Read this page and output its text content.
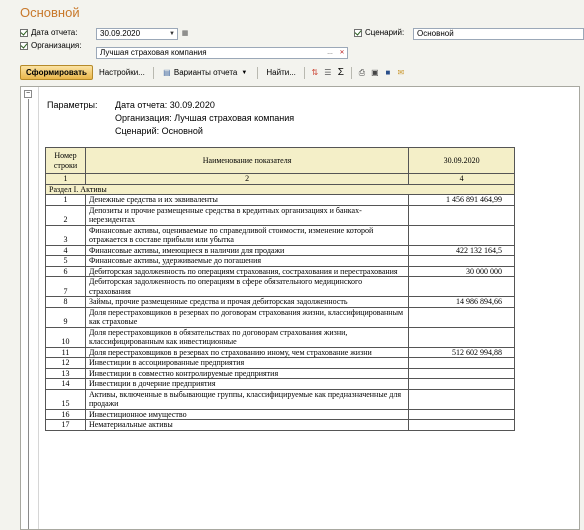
Основной
Дата отчета:	30.09.2020	▼ ▦	Сценарий:	Основной
Организация:
Лучшая страховая компания	…	✕
Сформировать	Настройки...	▤ Варианты отчета ▼	Найти...	⇅ ☰ Σ ⎙ ▣ ■ ✉
−
Параметры: Дата отчета: 30.09.2020
Организация: Лучшая страховая компания
Сценарий: Основной
Номер строки	Наименование показателя	30.09.2020
1	2	4
Раздел I. Активы		
1	Денежные средства и их эквиваленты	1 456 891 464,99
2	Депозиты и прочие размещенные средства в кредитных организациях и банках-нерезидентах	
3	Финансовые активы, оцениваемые по справедливой стоимости, изменение которой отражается в составе прибыли или убытка	
4	Финансовые активы, имеющиеся в наличии для продажи	422 132 164,5
5	Финансовые активы, удерживаемые до погашения	
6	Дебиторская задолженность по операциям страхования, сострахования и перестрахования	30 000 000
7	Дебиторская задолженность по операциям в сфере обязательного медицинского страхования	
8	Займы, прочие размещенные средства и прочая дебиторская задолженность	14 986 894,66
9	Доля перестраховщиков в резервах по договорам страхования жизни, классифицированным как страховые	
10	Доля перестраховщиков в обязательствах по договорам страхования жизни, классифицированным как инвестиционные	
11	Доля перестраховщиков в резервах по страхованию иному, чем страхование жизни	512 602 994,88
12	Инвестиции в ассоциированные предприятия	
13	Инвестиции в совместно контролируемые предприятия	
14	Инвестиции в дочерние предприятия	
15	Активы, включенные в выбывающие группы, классифицируемые как предназначенные для продажи	
16	Инвестиционное имущество	
17	Нематериальные активы	
